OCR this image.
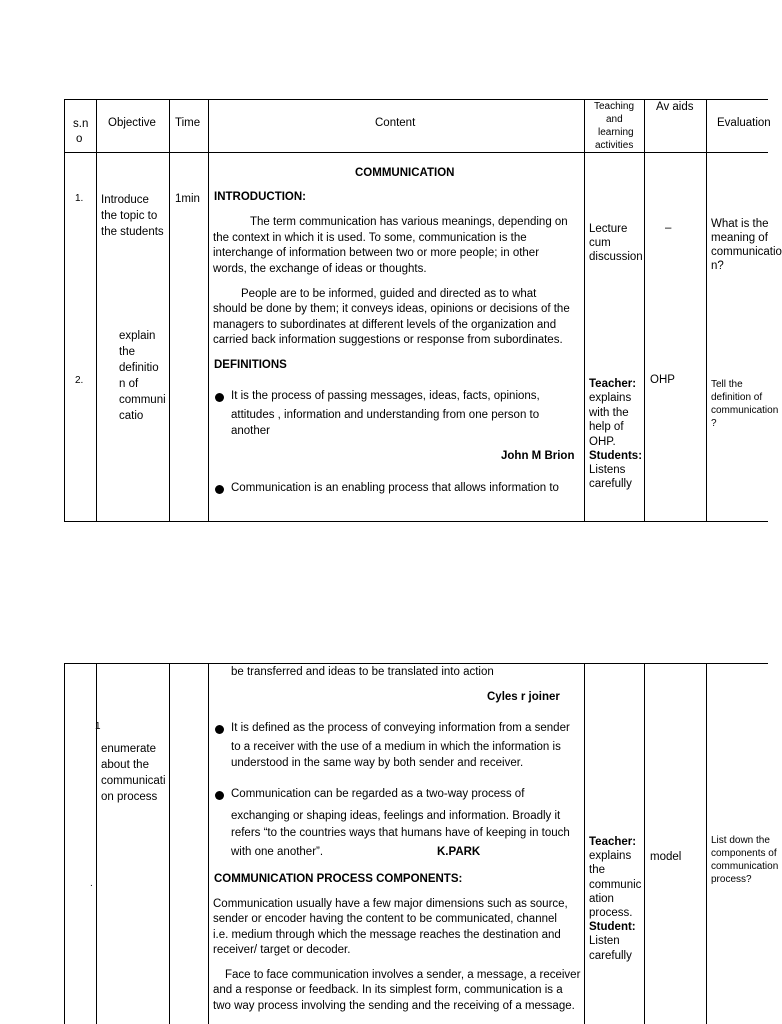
s.n
o
Objective Time	Content
Teaching
and
learning
activities
Av aids
Evaluation
1.
2.
Introduce
the topic to
the students
explain
the
definitio
n of
communi
catio
1min
COMMUNICATION
INTRODUCTION:
The term communication has various meanings, depending on
the context in which it is used. To some, communication is the
interchange of information between two or more people; in other
words, the exchange of ideas or thoughts.
People are to be informed, guided and directed as to what
should be done by them; it conveys ideas, opinions or decisions of the
managers to subordinates at different levels of the organization and
carried back information suggestions or response from subordinates.
DEFINITIONS
It is the process of passing messages, ideas, facts, opinions,
attitudes , information and understanding from one person to
another
John M Brion
Communication is an enabling process that allows information to
Lecture
cum
discussion
Teacher:
explains
with the
help of
OHP.
Students:
Listens
carefully
–
OHP
What is the
meaning of
communicatio
n?
Tell the
definition of
communication
?
be transferred and ideas to be translated into action
Cyles r joiner
It is defined as the process of conveying information from a sender
to a receiver with the use of a medium in which the information is
understood in the same way by both sender and receiver.
Communication can be regarded as a two-way process of
exchanging or shaping ideas, feelings and information. Broadly it
refers “to the countries ways that humans have of keeping in touch
with one another”.	K.PARK
COMMUNICATION PROCESS COMPONENTS:
Communication usually have a few major dimensions such as source,
sender or encoder having the content to be communicated, channel
i.e. medium through which the message reaches the destination and
receiver/ target or decoder.
Face to face communication involves a sender, a message, a receiver
and a response or feedback. In its simplest form, communication is a
two way process involving the sending and the receiving of a message.
.
1
enumerate
about the
communicati
on process
Teacher:
explains
the
communic
ation
process.
Student:
Listen
carefully
model
List down the
components of
communication
process?
